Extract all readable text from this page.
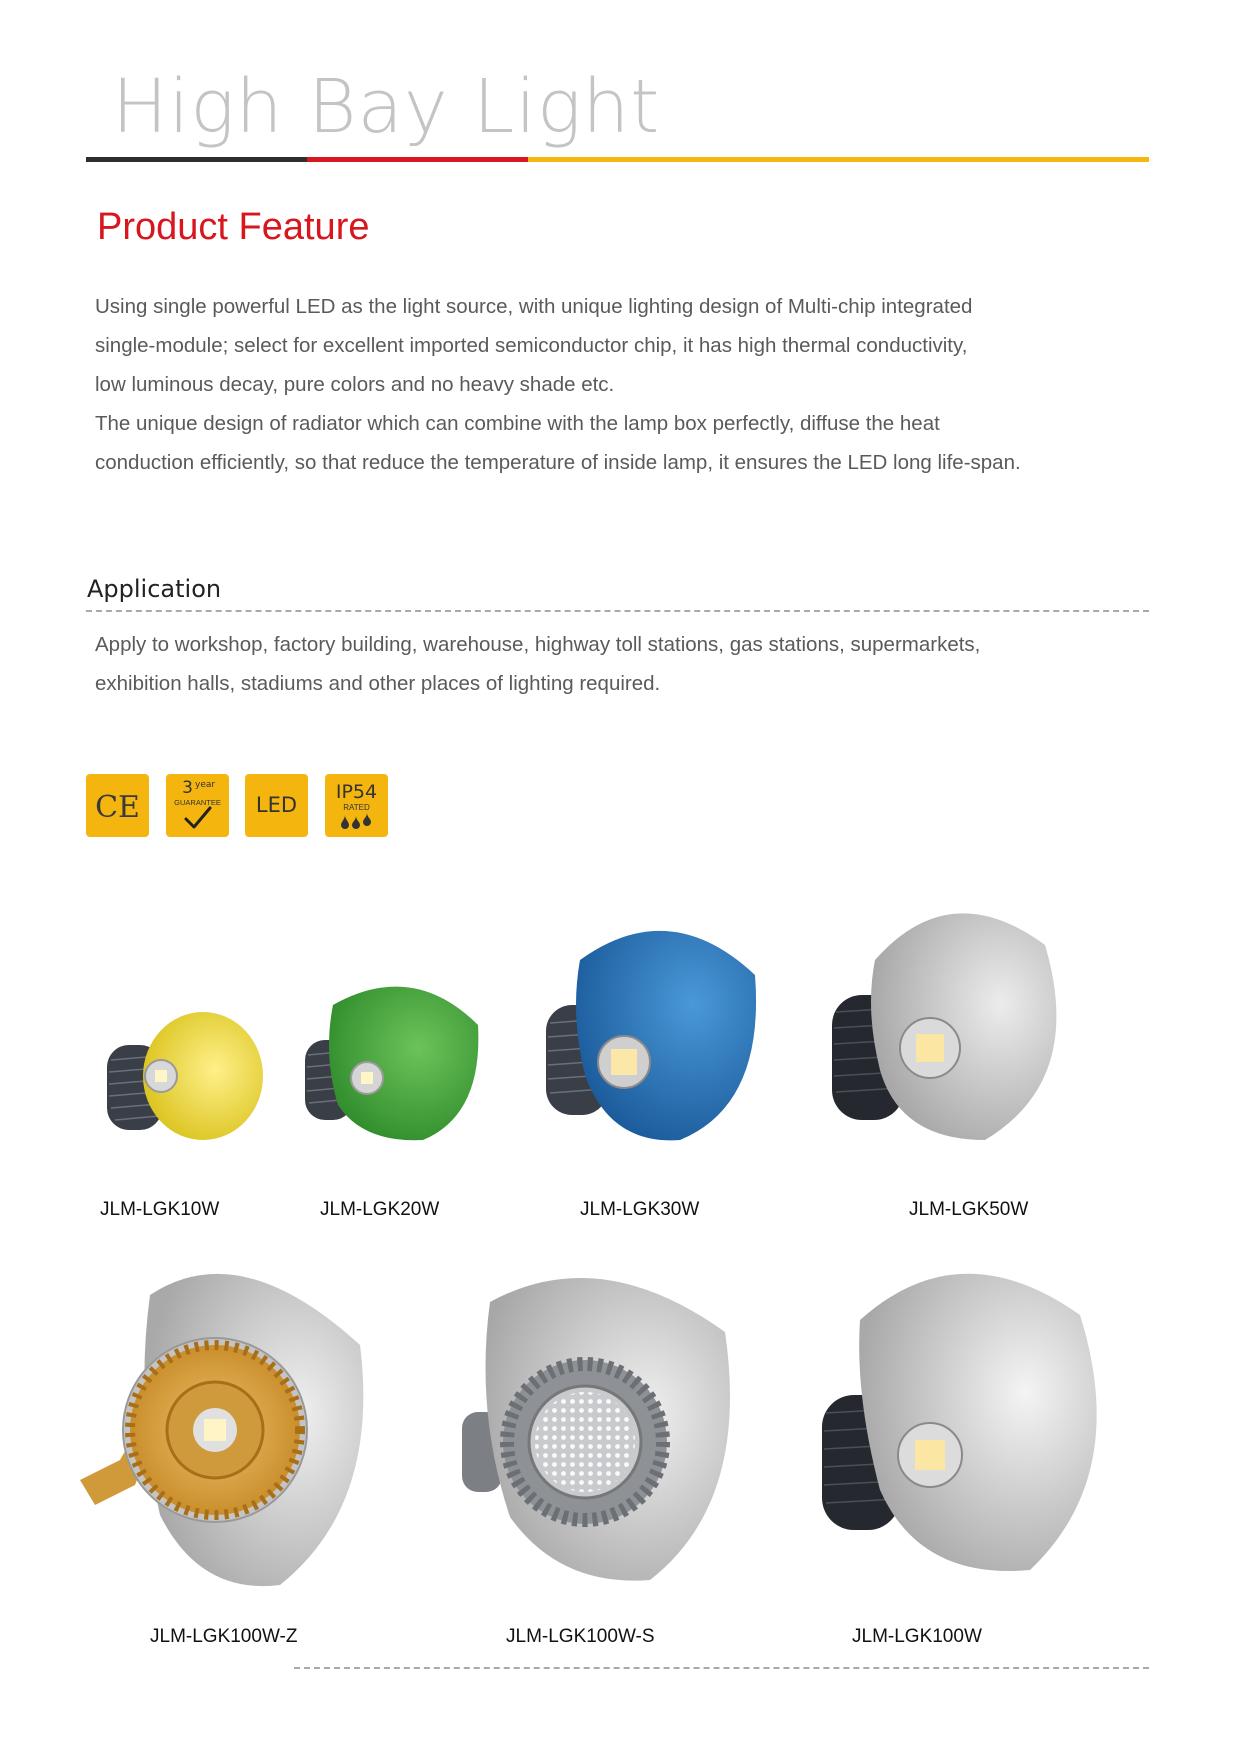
High Bay Light
Product Feature

Using single powerful LED as the light source, with unique lighting design of Multi-chip integrated

single-module; select for excellent imported semiconductor chip, it has high thermal conductivity,

low luminous decay, pure colors and no heavy shade etc.

The unique design of radiator which can combine with the lamp box perfectly, diffuse the heat

conduction efficiently, so that reduce the temperature of inside lamp, it ensures the LED long life-span.

Application

Apply to workshop, factory building, warehouse, highway toll stations, gas stations, supermarkets,

exhibition halls, stadiums and other places of lighting required.

CE
3 year
GUARANTEE	LED
IP54
RATED
JLM-LGK10W	JLM-LGK20W	JLM-LGK30W	JLM-LGK50W
JLM-LGK100W-Z	JLM-LGK100W-S	JLM-LGK100W
